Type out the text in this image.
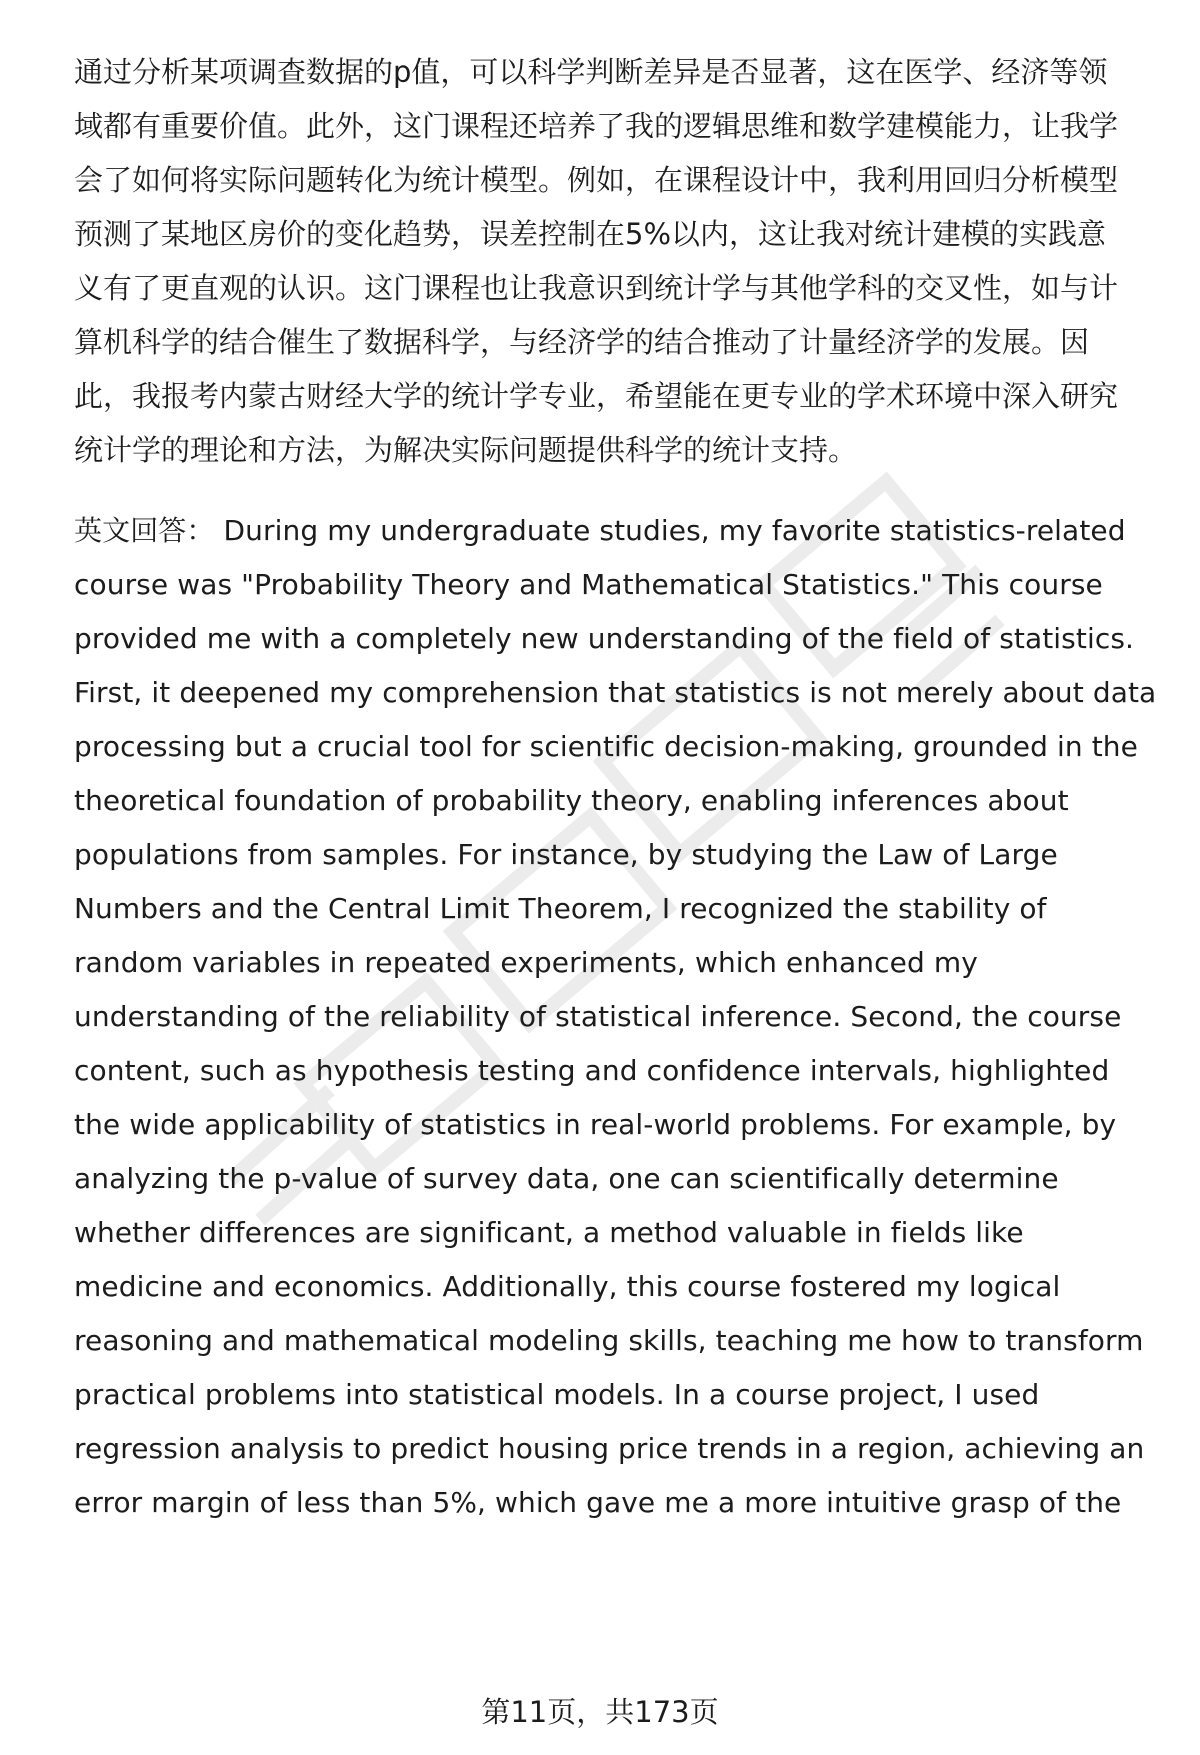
通过分析某项调查数据的p值，可以科学判断差异是否显著，这在医学、经济等领
域都有重要价值。此外，这门课程还培养了我的逻辑思维和数学建模能力，让我学
会了如何将实际问题转化为统计模型。例如，在课程设计中，我利用回归分析模型
预测了某地区房价的变化趋势，误差控制在5%以内，这让我对统计建模的实践意
义有了更直观的认识。这门课程也让我意识到统计学与其他学科的交叉性，如与计
算机科学的结合催生了数据科学，与经济学的结合推动了计量经济学的发展。因
此，我报考内蒙古财经大学的统计学专业，希望能在更专业的学术环境中深入研究
统计学的理论和方法，为解决实际问题提供科学的统计支持。
英文回答： During my undergraduate studies, my favorite statistics-related
course was "Probability Theory and Mathematical Statistics." This course
provided me with a completely new understanding of the field of statistics.
First, it deepened my comprehension that statistics is not merely about data
processing but a crucial tool for scientific decision-making, grounded in the
theoretical foundation of probability theory, enabling inferences about
populations from samples. For instance, by studying the Law of Large
Numbers and the Central Limit Theorem, I recognized the stability of
random variables in repeated experiments, which enhanced my
understanding of the reliability of statistical inference. Second, the course
content, such as hypothesis testing and confidence intervals, highlighted
the wide applicability of statistics in real-world problems. For example, by
analyzing the p-value of survey data, one can scientifically determine
whether differences are significant, a method valuable in fields like
medicine and economics. Additionally, this course fostered my logical
reasoning and mathematical modeling skills, teaching me how to transform
practical problems into statistical models. In a course project, I used
regression analysis to predict housing price trends in a region, achieving an
error margin of less than 5%, which gave me a more intuitive grasp of the
第11页，共173页
